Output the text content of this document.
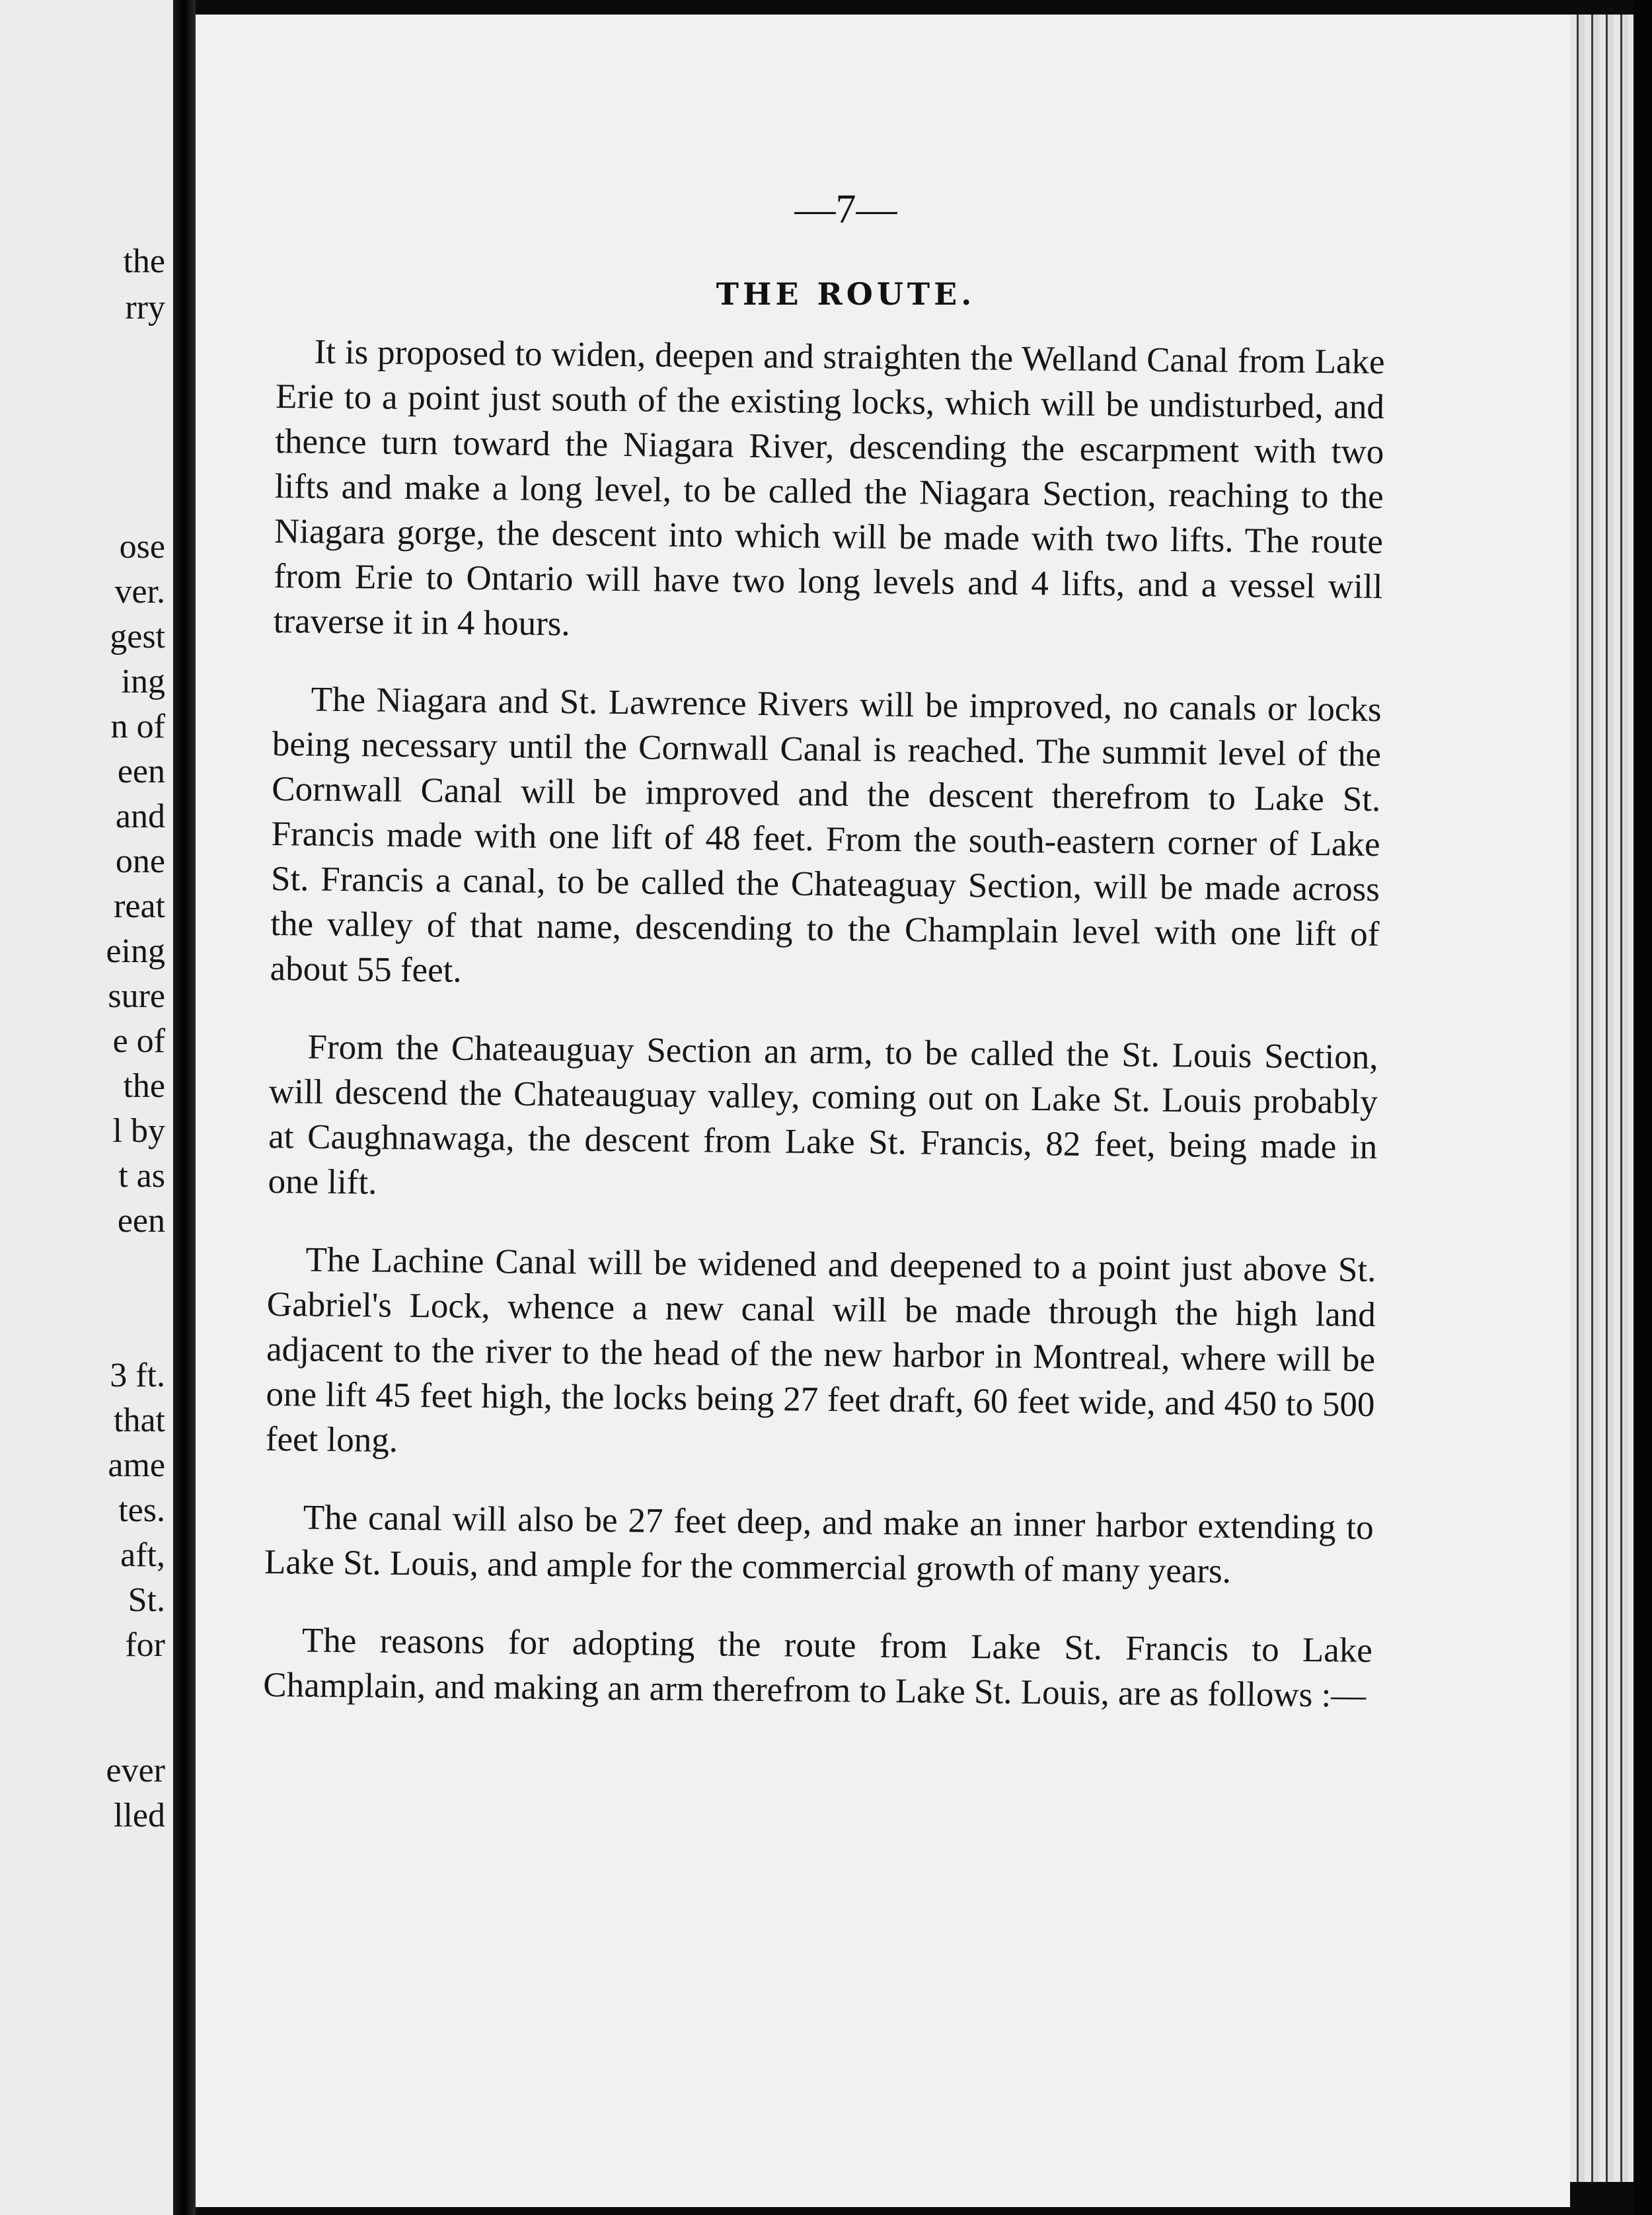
the

rry

ose

ver.

gest

ing

n of

een

and

one

reat

eing

sure

e of

the

l by

t as

een

3 ft.

that

ame

tes.

aft,

St.

for

ever

lled

—7—

THE ROUTE.

It is proposed to widen, deepen and straighten the Welland Canal from Lake Erie to a point just south of the existing locks, which will be undisturbed, and thence turn toward the Niagara River, descending the escarpment with two lifts and make a long level, to be called the Niagara Section, reaching to the Niagara gorge, the descent into which will be made with two lifts. The route from Erie to Ontario will have two long levels and 4 lifts, and a vessel will traverse it in 4 hours.

The Niagara and St. Lawrence Rivers will be improved, no canals or locks being necessary until the Cornwall Canal is reached. The summit level of the Cornwall Canal will be improved and the descent therefrom to Lake St. Francis made with one lift of 48 feet. From the south-eastern corner of Lake St. Francis a canal, to be called the Chateaguay Section, will be made across the valley of that name, descending to the Champlain level with one lift of about 55 feet.

From the Chateauguay Section an arm, to be called the St. Louis Section, will descend the Chateauguay valley, coming out on Lake St. Louis probably at Caughnawaga, the descent from Lake St. Francis, 82 feet, being made in one lift.

The Lachine Canal will be widened and deepened to a point just above St. Gabriel's Lock, whence a new canal will be made through the high land adjacent to the river to the head of the new harbor in Montreal, where will be one lift 45 feet high, the locks being 27 feet draft, 60 feet wide, and 450 to 500 feet long.

The canal will also be 27 feet deep, and make an inner harbor extending to Lake St. Louis, and ample for the commercial growth of many years.

The reasons for adopting the route from Lake St. Francis to Lake Champlain, and making an arm therefrom to Lake St. Louis, are as follows :—
